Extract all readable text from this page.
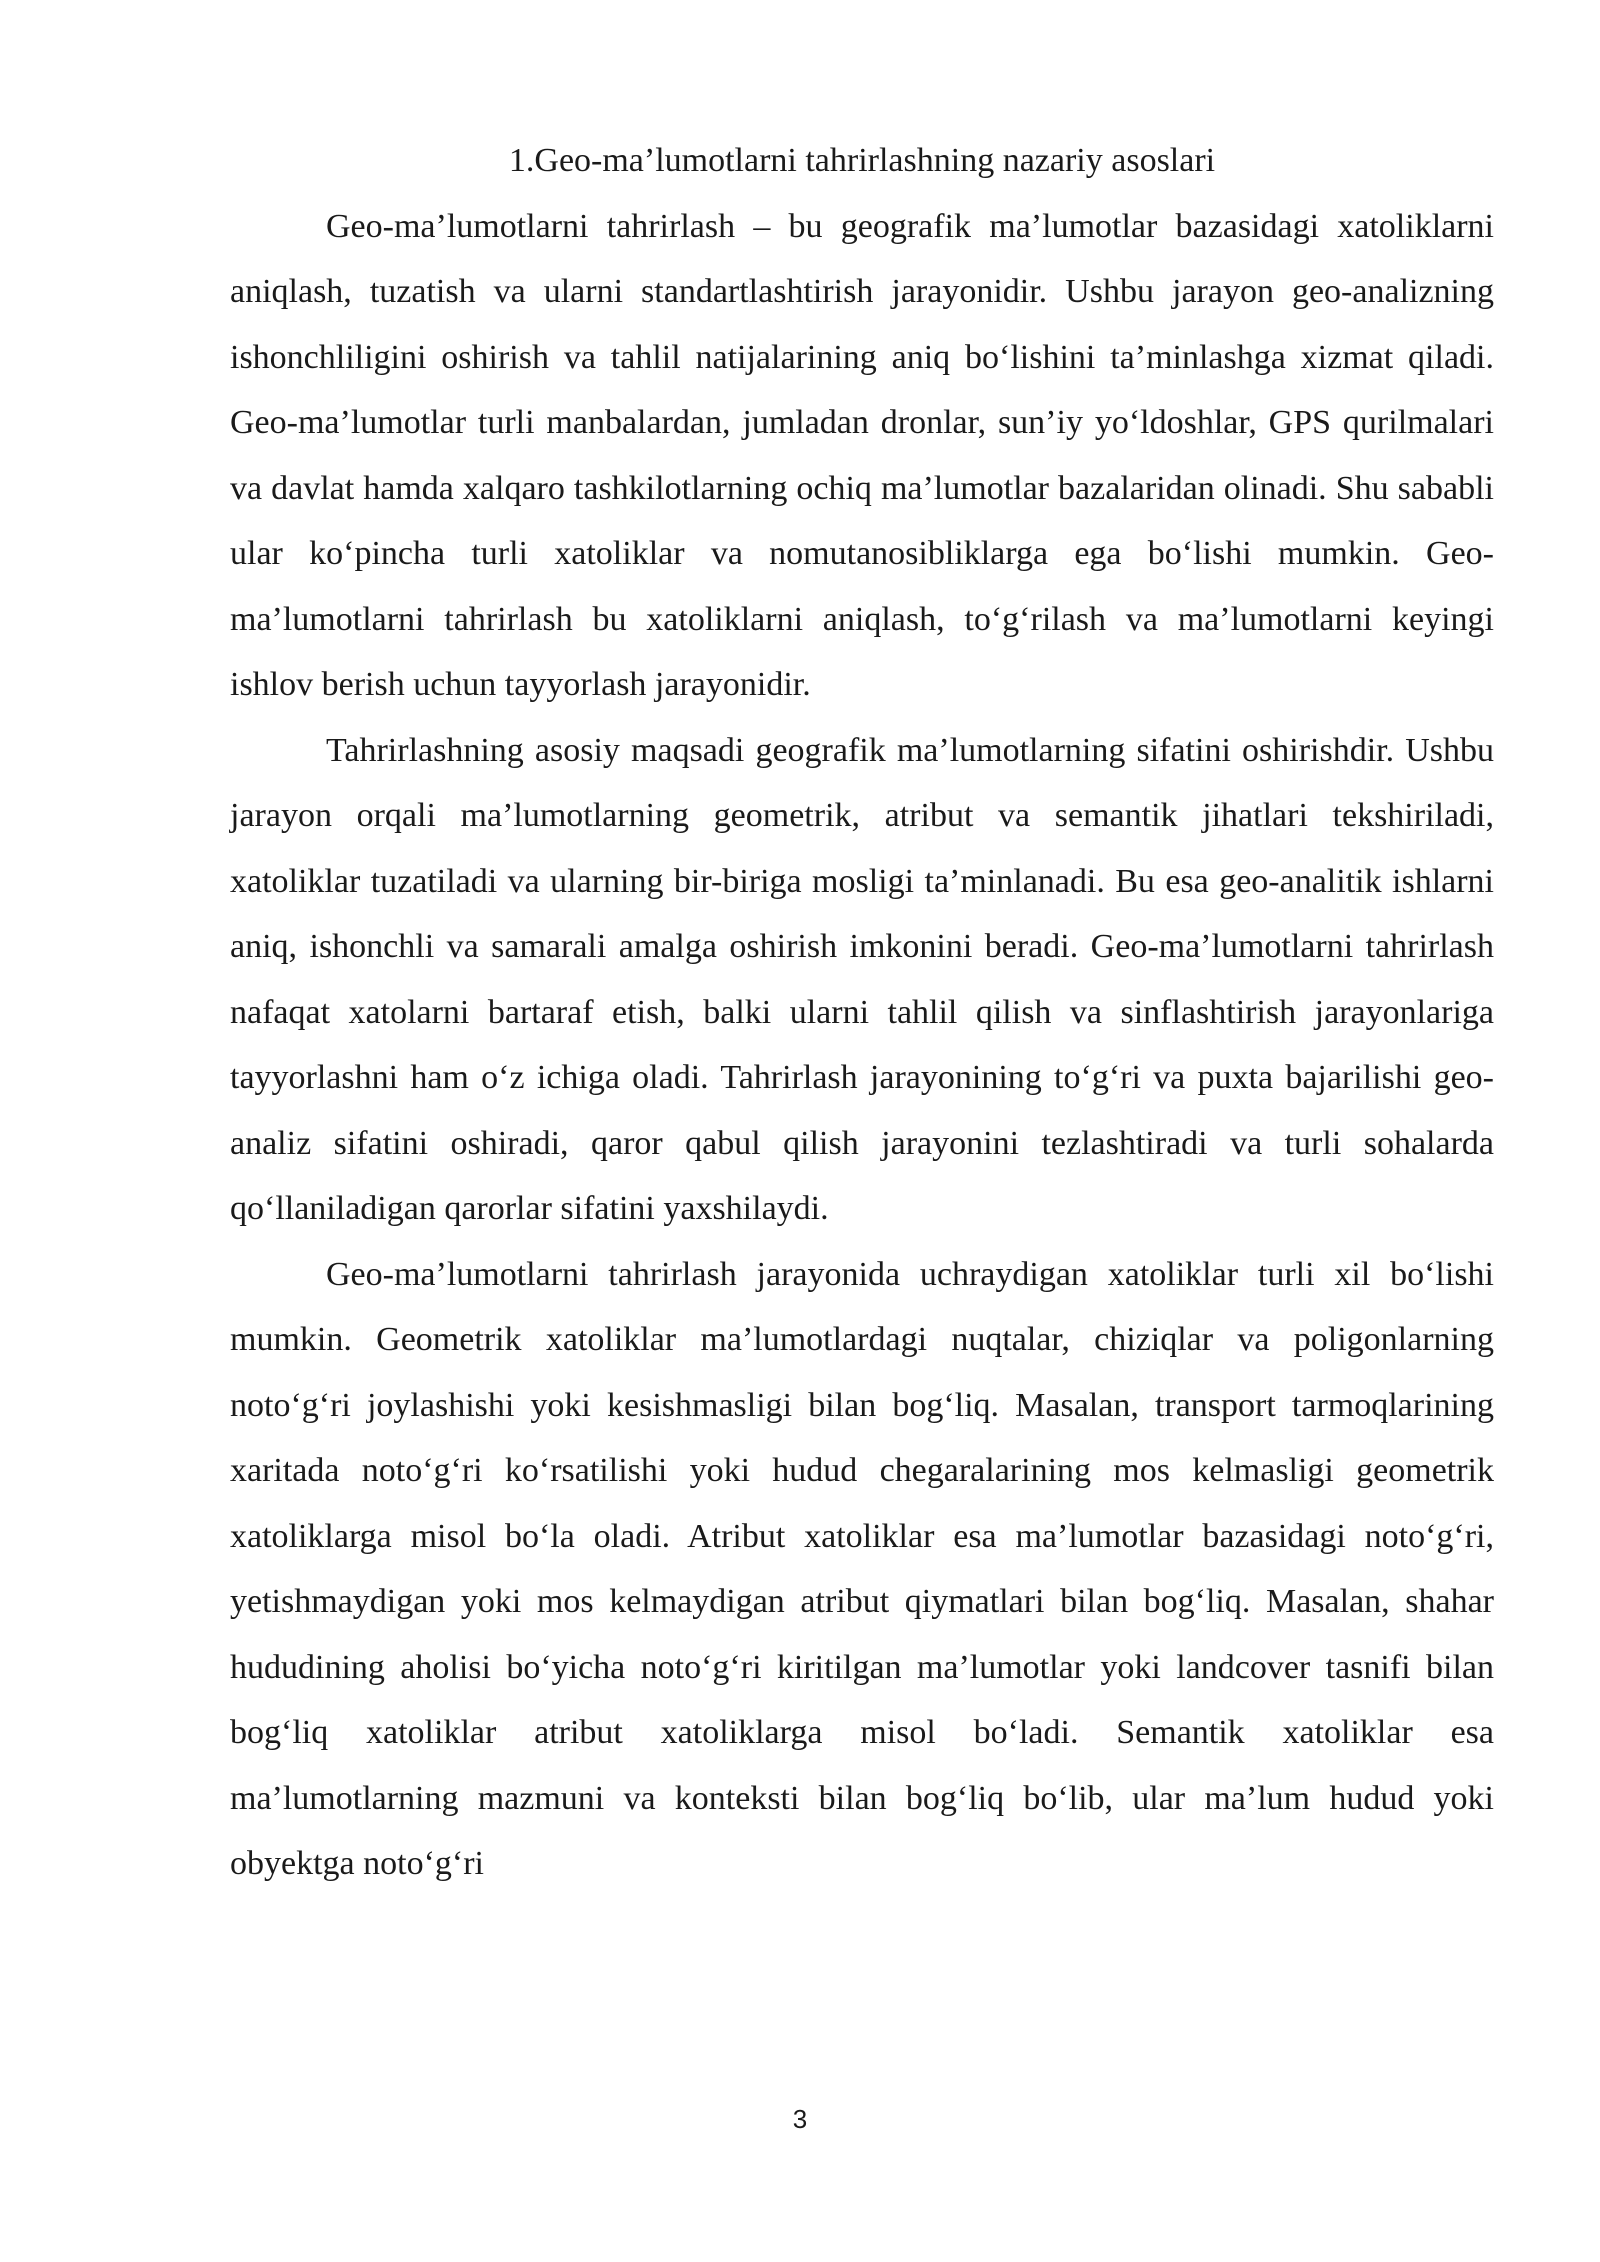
1.Geo-ma’lumotlarni tahrirlashning nazariy asoslari

Geo-ma’lumotlarni tahrirlash – bu geografik ma’lumotlar bazasidagi xatoliklarni aniqlash, tuzatish va ularni standartlashtirish jarayonidir. Ushbu jarayon geo-analizning ishonchliligini oshirish va tahlil natijalarining aniq bo‘lishini ta’minlashga xizmat qiladi. Geo-ma’lumotlar turli manbalardan, jumladan dronlar, sun’iy yo‘ldoshlar, GPS qurilmalari va davlat hamda xalqaro tashkilotlarning ochiq ma’lumotlar bazalaridan olinadi. Shu sababli ular ko‘pincha turli xatoliklar va nomutanosibliklarga ega bo‘lishi mumkin. Geo-ma’lumotlarni tahrirlash bu xatoliklarni aniqlash, to‘g‘rilash va ma’lumotlarni keyingi ishlov berish uchun tayyorlash jarayonidir.

Tahrirlashning asosiy maqsadi geografik ma’lumotlarning sifatini oshirishdir. Ushbu jarayon orqali ma’lumotlarning geometrik, atribut va semantik jihatlari tekshiriladi, xatoliklar tuzatiladi va ularning bir-biriga mosligi ta’minlanadi. Bu esa geo-analitik ishlarni aniq, ishonchli va samarali amalga oshirish imkonini beradi. Geo-ma’lumotlarni tahrirlash nafaqat xatolarni bartaraf etish, balki ularni tahlil qilish va sinflashtirish jarayonlariga tayyorlashni ham o‘z ichiga oladi. Tahrirlash jarayonining to‘g‘ri va puxta bajarilishi geo-analiz sifatini oshiradi, qaror qabul qilish jarayonini tezlashtiradi va turli sohalarda qo‘llaniladigan qarorlar sifatini yaxshilaydi.

Geo-ma’lumotlarni tahrirlash jarayonida uchraydigan xatoliklar turli xil bo‘lishi mumkin. Geometrik xatoliklar ma’lumotlardagi nuqtalar, chiziqlar va poligonlarning noto‘g‘ri joylashishi yoki kesishmasligi bilan bog‘liq. Masalan, transport tarmoqlarining xaritada noto‘g‘ri ko‘rsatilishi yoki hudud chegaralarining mos kelmasligi geometrik xatoliklarga misol bo‘la oladi. Atribut xatoliklar esa ma’lumotlar bazasidagi noto‘g‘ri, yetishmaydigan yoki mos kelmaydigan atribut qiymatlari bilan bog‘liq. Masalan, shahar hududining aholisi bo‘yicha noto‘g‘ri kiritilgan ma’lumotlar yoki landcover tasnifi bilan bog‘liq xatoliklar atribut xatoliklarga misol bo‘ladi. Semantik xatoliklar esa ma’lumotlarning mazmuni va konteksti bilan bog‘liq bo‘lib, ular ma’lum hudud yoki obyektga noto‘g‘ri

3
